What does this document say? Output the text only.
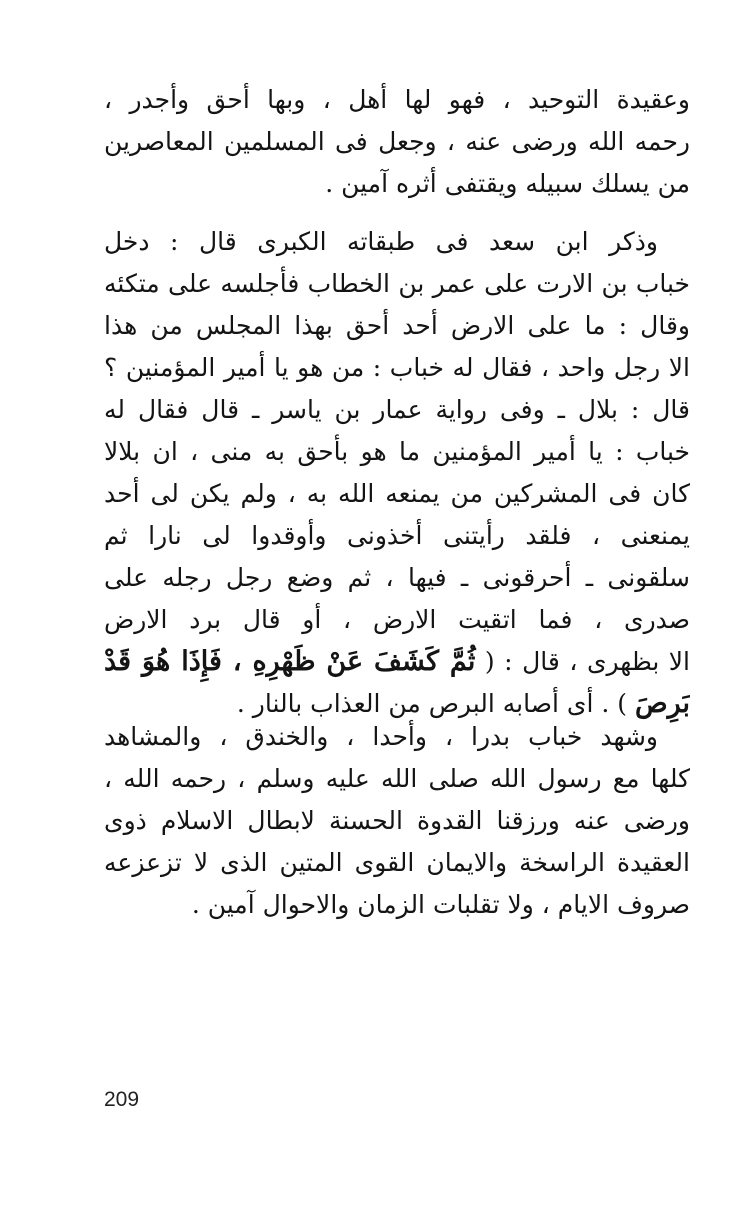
وعقيدة التوحيد ، فهو لها أهل ، وبها أحق وأجدر ،
رحمه الله ورضى عنه ، وجعل فى المسلمين المعاصرين
من يسلك سبيله ويقتفى أثره آمين .
وذكر ابن سعد فى طبقاته الكبرى قال : دخل
خباب بن الارت على عمر بن الخطاب فأجلسه على متكئه
وقال : ما على الارض أحد أحق بهذا المجلس من هذا
الا رجل واحد ، فقال له خباب : من هو يا أمير المؤمنين ؟
قال : بلال ـ وفى رواية عمار بن ياسر ـ قال فقال له
خباب : يا أمير المؤمنين ما هو بأحق به منى ، ان بلالا
كان فى المشركين من يمنعه الله به ، ولم يكن لى أحد
يمنعنى ، فلقد رأيتنى أخذونى وأوقدوا لى نارا ثم
سلقونى ـ أحرقونى ـ فيها ، ثم وضع رجل رجله على
صدرى ، فما اتقيت الارض ، أو قال برد الارض
الا بظهرى ، قال : ( ثُمَّ كَشَفَ عَنْ ظَهْرِهِ ، فَإِذَا هُوَ قَدْ
بَرِصَ ) . أى أصابه البرص من العذاب بالنار .
وشهد خباب بدرا ، وأحدا ، والخندق ، والمشاهد
كلها مع رسول الله صلى الله عليه وسلم ، رحمه الله ،
ورضى عنه ورزقنا القدوة الحسنة لابطال الاسلام ذوى
العقيدة الراسخة والايمان القوى المتين الذى لا تزعزعه
صروف الايام ، ولا تقلبات الزمان والاحوال آمين .
209
